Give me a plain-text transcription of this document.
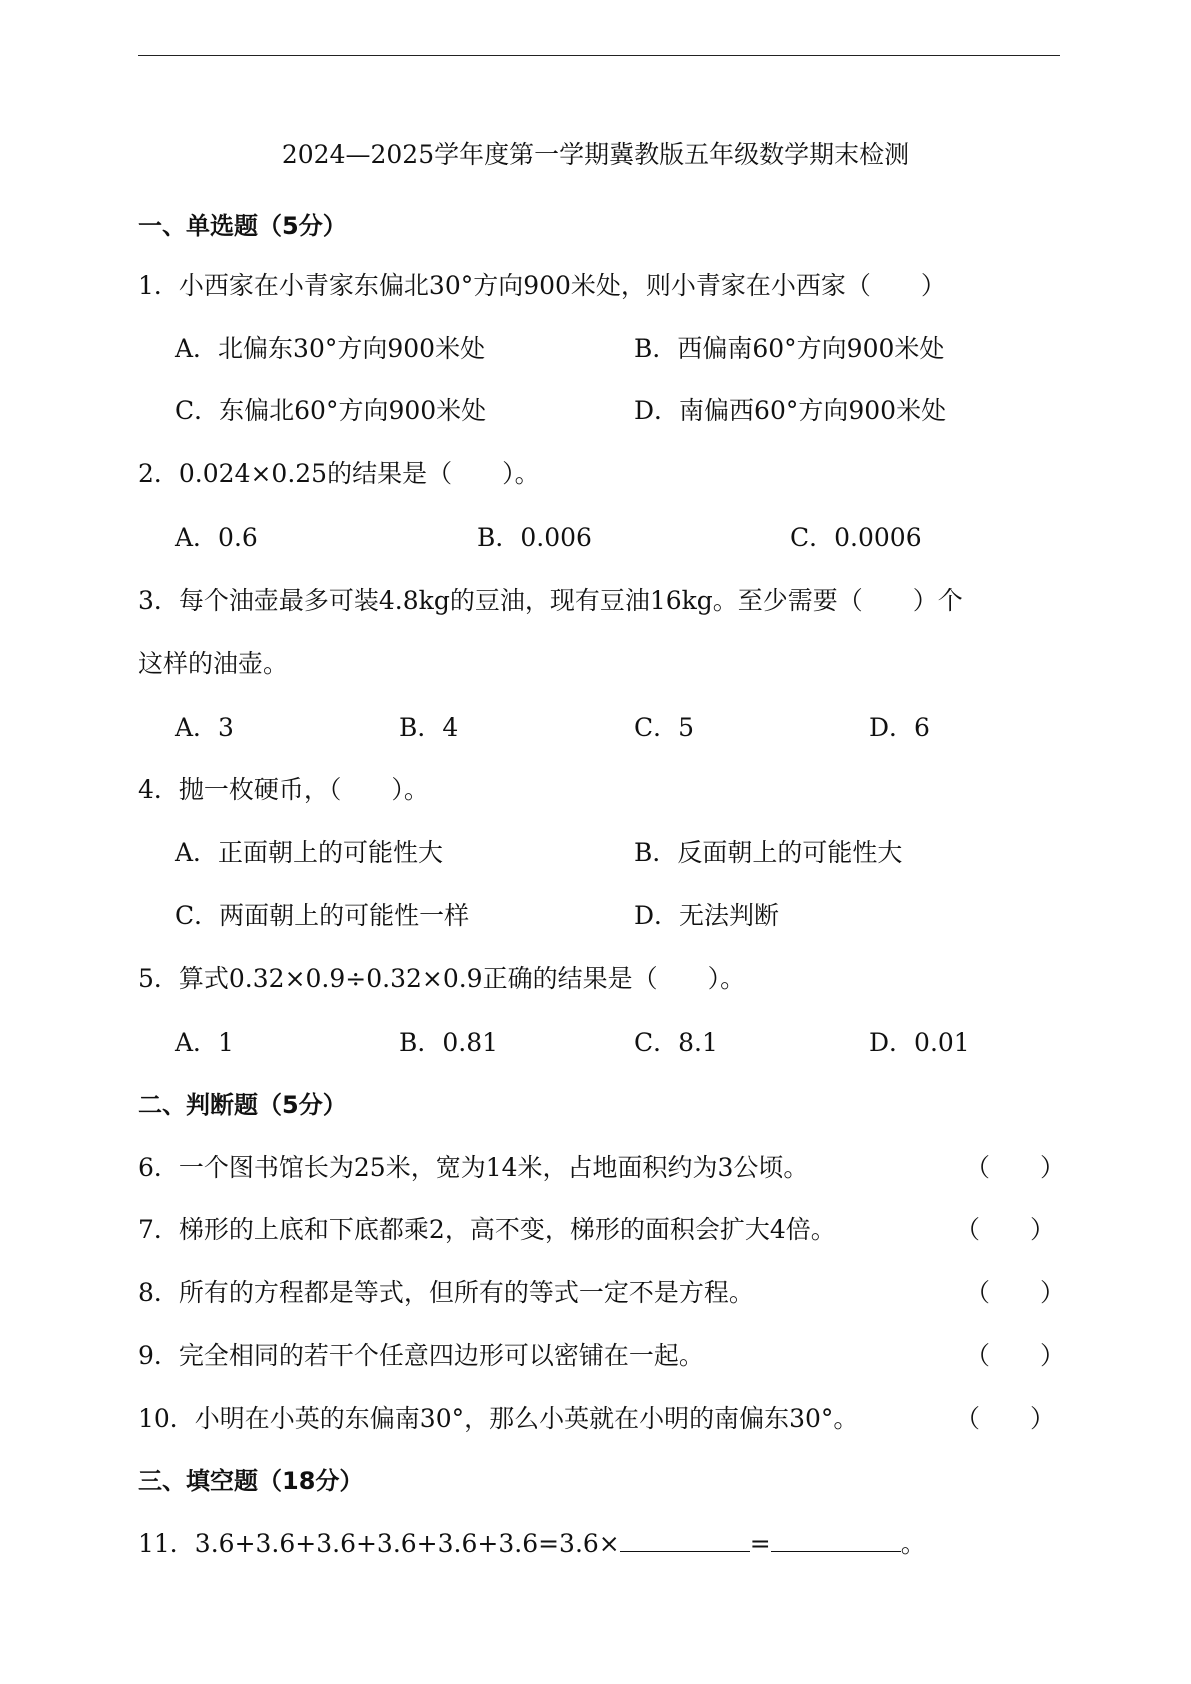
2024—2025学年度第一学期冀教版五年级数学期末检测
一、单选题（5分）
1．小西家在小青家东偏北30°方向900米处，则小青家在小西家（　　）
A．北偏东30°方向900米处	B．西偏南60°方向900米处
C．东偏北60°方向900米处	D．南偏西60°方向900米处
2．0.024×0.25的结果是（　　）。
A．0.6	B．0.006	C．0.0006
3．每个油壶最多可装4.8kg的豆油，现有豆油16kg。至少需要（　　）个
这样的油壶。
A．3	B．4	C．5	D．6
4．抛一枚硬币，（　　）。
A．正面朝上的可能性大	B．反面朝上的可能性大
C．两面朝上的可能性一样	D．无法判断
5．算式0.32×0.9÷0.32×0.9正确的结果是（　　）。
A．1	B．0.81	C．8.1	D．0.01
二、判断题（5分）
6．一个图书馆长为25米，宽为14米，占地面积约为3公顷。	（　　）
7．梯形的上底和下底都乘2，高不变，梯形的面积会扩大4倍。	（　　）
8．所有的方程都是等式，但所有的等式一定不是方程。	（　　）
9．完全相同的若干个任意四边形可以密铺在一起。	（　　）
10．小明在小英的东偏南30°，那么小英就在小明的南偏东30°。	（　　）
三、填空题（18分）
11．3.6+3.6+3.6+3.6+3.6+3.6=3.6×	=	。
